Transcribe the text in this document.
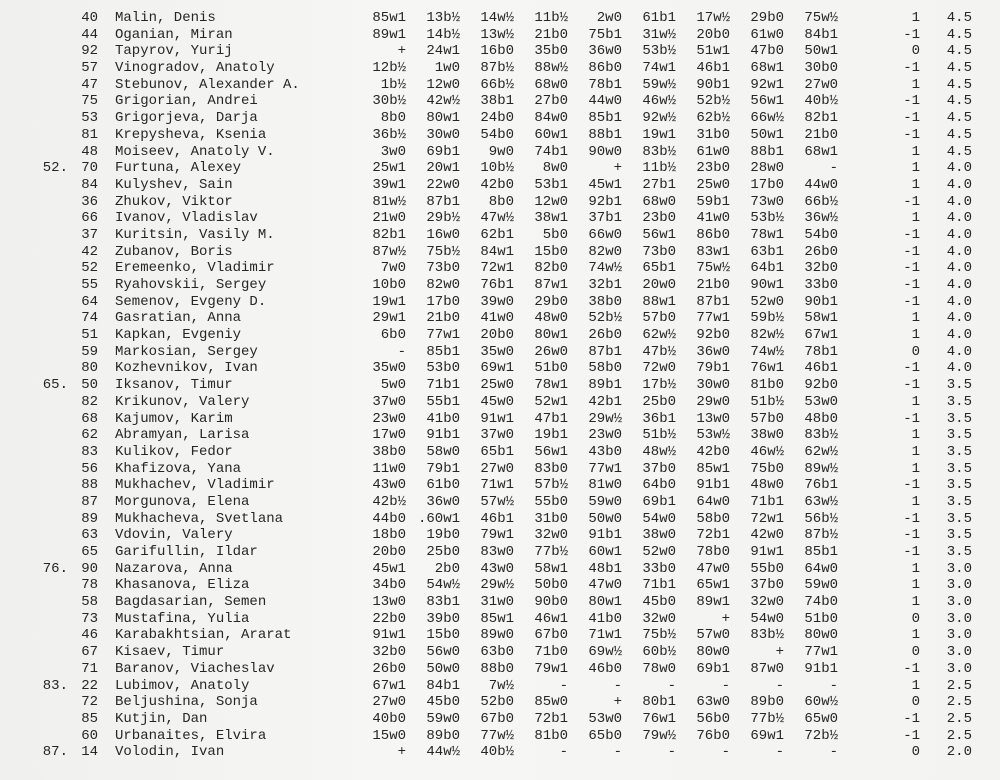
40 Malin, Denis	85w1	13b½	14w½	11b½	2w0	61b1	17w½	29b0	75w½	1	4.5
44 Oganian, Miran	89w1	14b½	13w½	21b0	75b1	31w½	20b0	61w0	84b1	-1	4.5
92 Tapyrov, Yurij	+	24w1	16b0	35b0	36w0	53b½	51w1	47b0	50w1	0	4.5
57 Vinogradov, Anatoly	12b½	1w0	87b½	88w½	86b0	74w1	46b1	68w1	30b0	-1	4.5
47 Stebunov, Alexander A.	1b½	12w0	66b½	68w0	78b1	59w½	90b1	92w1	27w0	1	4.5
75 Grigorian, Andrei	30b½	42w½	38b1	27b0	44w0	46w½	52b½	56w1	40b½	-1	4.5
53 Grigorjeva, Darja	8b0	80w1	24b0	84w0	85b1	92w½	62b½	66w½	82b1	-1	4.5
81 Krepysheva, Ksenia	36b½	30w0	54b0	60w1	88b1	19w1	31b0	50w1	21b0	-1	4.5
48 Moiseev, Anatoly V.	3w0	69b1	9w0	74b1	90w0	83b½	61w0	88b1	68w1	1	4.5
52. 70 Furtuna, Alexey	25w1	20w1	10b½	8w0	+	11b½	23b0	28w0	-	1	4.0
84 Kulyshev, Sain	39w1	22w0	42b0	53b1	45w1	27b1	25w0	17b0	44w0	1	4.0
36 Zhukov, Viktor	81w½	87b1	8b0	12w0	92b1	68w0	59b1	73w0	66b½	-1	4.0
66 Ivanov, Vladislav	21w0	29b½	47w½	38w1	37b1	23b0	41w0	53b½	36w½	1	4.0
37 Kuritsin, Vasily M.	82b1	16w0	62b1	5b0	66w0	56w1	86b0	78w1	54b0	-1	4.0
42 Zubanov, Boris	87w½	75b½	84w1	15b0	82w0	73b0	83w1	63b1	26b0	-1	4.0
52 Eremeenko, Vladimir	7w0	73b0	72w1	82b0	74w½	65b1	75w½	64b1	32b0	-1	4.0
55 Ryahovskii, Sergey	10b0	82w0	76b1	87w1	32b1	20w0	21b0	90w1	33b0	-1	4.0
64 Semenov, Evgeny D.	19w1	17b0	39w0	29b0	38b0	88w1	87b1	52w0	90b1	-1	4.0
74 Gasratian, Anna	29w1	21b0	41w0	48w0	52b½	57b0	77w1	59b½	58w1	1	4.0
51 Kapkan, Evgeniy	6b0	77w1	20b0	80w1	26b0	62w½	92b0	82w½	67w1	1	4.0
59 Markosian, Sergey	-	85b1	35w0	26w0	87b1	47b½	36w0	74w½	78b1	0	4.0
80 Kozhevnikov, Ivan	35w0	53b0	69w1	51b0	58b0	72w0	79b1	76w1	46b1	-1	4.0
65. 50 Iksanov, Timur	5w0	71b1	25w0	78w1	89b1	17b½	30w0	81b0	92b0	-1	3.5
82 Krikunov, Valery	37w0	55b1	45w0	52w1	42b1	25b0	29w0	51b½	53w0	1	3.5
68 Kajumov, Karim	23w0	41b0	91w1	47b1	29w½	36b1	13w0	57b0	48b0	-1	3.5
62 Abramyan, Larisa	17w0	91b1	37w0	19b1	23w0	51b½	53w½	38w0	83b½	1	3.5
83 Kulikov, Fedor	38b0	58w0	65b1	56w1	43b0	48w½	42b0	46w½	62w½	1	3.5
56 Khafizova, Yana	11w0	79b1	27w0	83b0	77w1	37b0	85w1	75b0	89w½	1	3.5
88 Mukhachev, Vladimir	43w0	61b0	71w1	57b½	81w0	64b0	91b1	48w0	76b1	-1	3.5
87 Morgunova, Elena	42b½	36w0	57w½	55b0	59w0	69b1	64w0	71b1	63w½	1	3.5
89 Mukhacheva, Svetlana	44b0 .60w1	46b1	31b0	50w0	54w0	58b0	72w1	56b½	-1	3.5
63 Vdovin, Valery	18b0	19b0	79w1	32w0	91b1	38w0	72b1	42w0	87b½	-1	3.5
65 Garifullin, Ildar	20b0	25b0	83w0	77b½	60w1	52w0	78b0	91w1	85b1	-1	3.5
76. 90 Nazarova, Anna	45w1	2b0	43w0	58w1	48b1	33b0	47w0	55b0	64w0	1	3.0
78 Khasanova, Eliza	34b0	54w½	29w½	50b0	47w0	71b1	65w1	37b0	59w0	1	3.0
58 Bagdasarian, Semen	13w0	83b1	31w0	90b0	80w1	45b0	89w1	32w0	74b0	1	3.0
73 Mustafina, Yulia	22b0	39b0	85w1	46w1	41b0	32w0	+	54w0	51b0	0	3.0
46 Karabakhtsian, Ararat	91w1	15b0	89w0	67b0	71w1	75b½	57w0	83b½	80w0	1	3.0
67 Kisаev, Timur	32b0	56w0	63b0	71b0	69w½	60b½	80w0	+	77w1	0	3.0
71 Baranov, Viacheslav	26b0	50w0	88b0	79w1	46b0	78w0	69b1	87w0	91b1	-1	3.0
83. 22 Lubimov, Anatoly	67w1	84b1	7w½	-	-	-	-	-	-	1	2.5
72 Beljushina, Sonja	27w0	45b0	52b0	85w0	+	80b1	63w0	89b0	60w½	0	2.5
85 Kutjin, Dan	40b0	59w0	67b0	72b1	53w0	76w1	56b0	77b½	65w0	-1	2.5
60 Urbanaites, Elvira	15w0	89b0	77w½	81b0	65b0	79w½	76b0	69w1	72b½	-1	2.5
87. 14 Volodin, Ivan	+	44w½	40b½	-	-	-	-	-	-	0	2.0
